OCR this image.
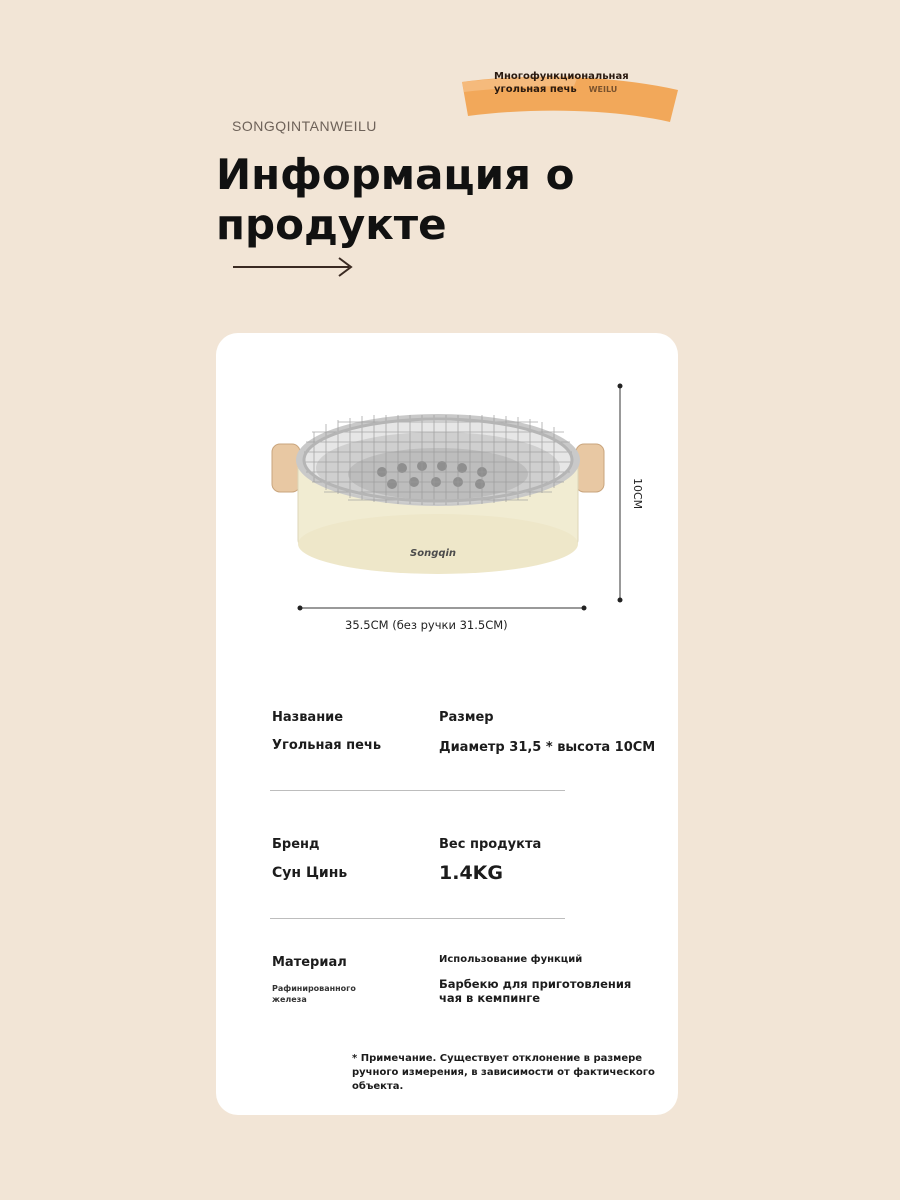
Многофункциональная
угольная печь WEILU
SONGQINTANWEILU
Информация о продукте
Songqin
35.5CM (без ручки 31.5CM)
10CM
Название
Угольная печь
Размер
Диаметр 31,5 * высота 10CM
Бренд
Сун Цинь
Вес продукта
1.4KG
Материал
Рафинированного железа
Использование функций
Барбекю для приготовления чая в кемпинге
* Примечание. Существует отклонение в размере ручного измерения, в зависимости от фактического объекта.
